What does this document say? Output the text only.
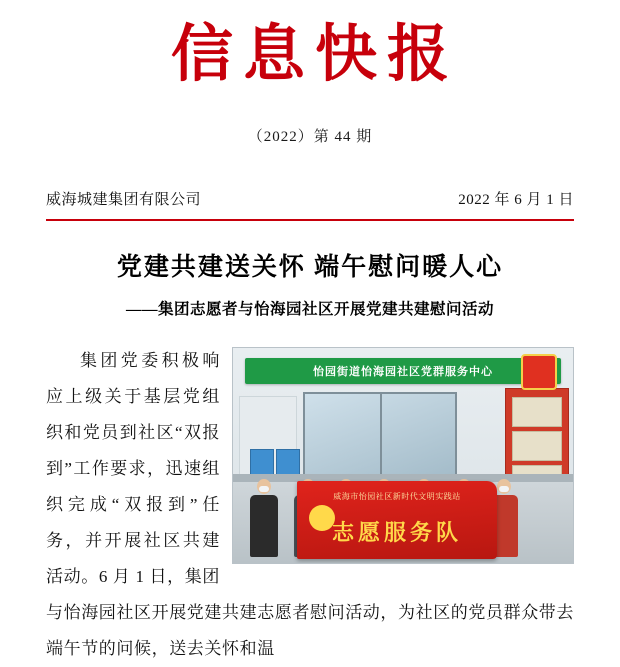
信息快报
（2022）第 44 期
威海城建集团有限公司	2022 年 6 月 1 日
党建共建送关怀 端午慰问暖人心
——集团志愿者与怡海园社区开展党建共建慰问活动
怡园街道怡海园社区党群服务中心
威海市怡园社区新时代文明实践站
志愿服务队
集团党委积极响应上级关于基层党组织和党员到社区“双报到”工作要求，迅速组织完成“双报到”任务，并开展社区共建活动。6 月 1 日，集团与怡海园社区开展党建共建志愿者慰问活动，为社区的党员群众带去端午节的问候，送去关怀和温
